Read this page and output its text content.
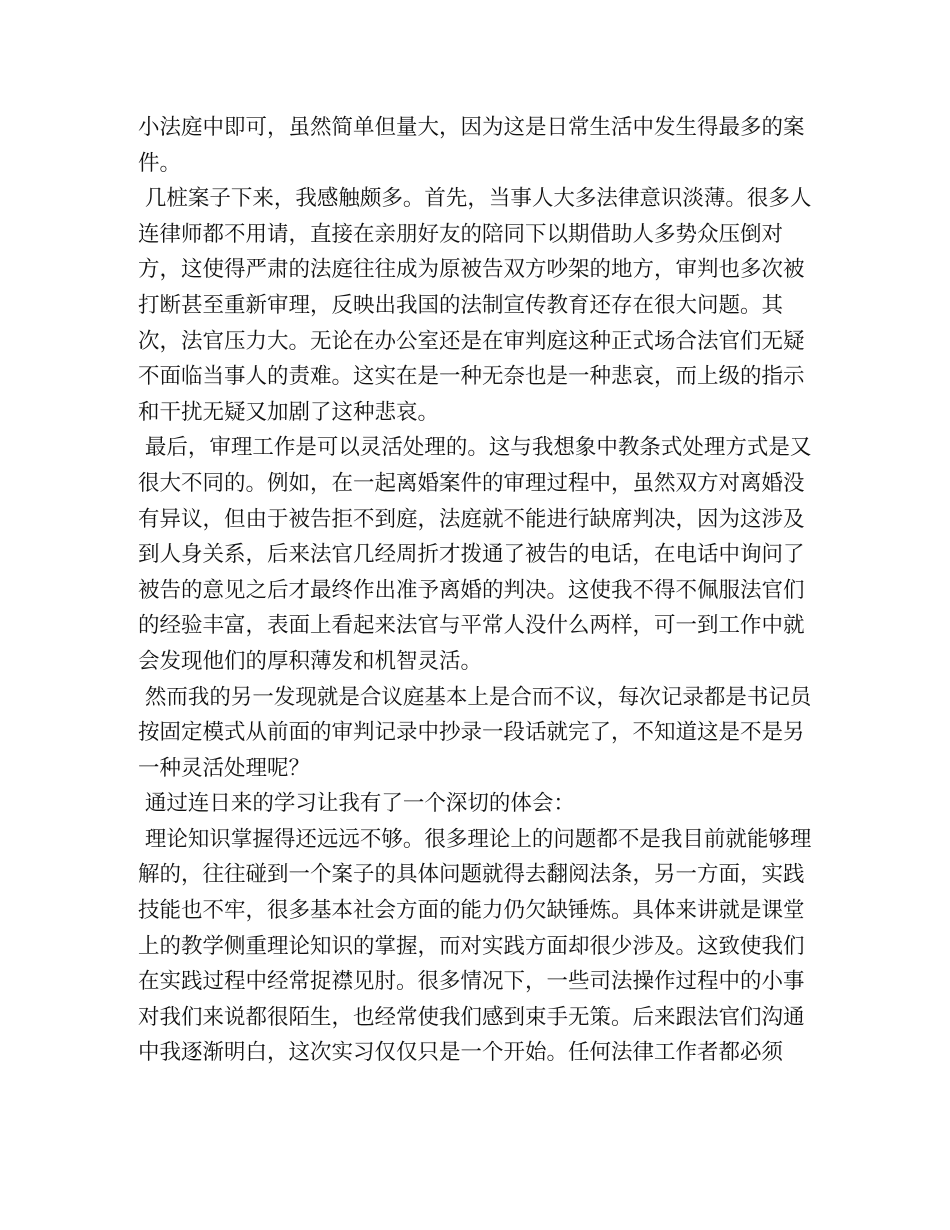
小法庭中即可，虽然简单但量大，因为这是日常生活中发生得最多的案件。

几桩案子下来，我感触颇多。首先，当事人大多法律意识淡薄。很多人连律师都不用请，直接在亲朋好友的陪同下以期借助人多势众压倒对方，这使得严肃的法庭往往成为原被告双方吵架的地方，审判也多次被打断甚至重新审理，反映出我国的法制宣传教育还存在很大问题。其次，法官压力大。无论在办公室还是在审判庭这种正式场合法官们无疑不面临当事人的责难。这实在是一种无奈也是一种悲哀，而上级的指示和干扰无疑又加剧了这种悲哀。

最后，审理工作是可以灵活处理的。这与我想象中教条式处理方式是又很大不同的。例如，在一起离婚案件的审理过程中，虽然双方对离婚没有异议，但由于被告拒不到庭，法庭就不能进行缺席判决，因为这涉及到人身关系，后来法官几经周折才拨通了被告的电话，在电话中询问了被告的意见之后才最终作出准予离婚的判决。这使我不得不佩服法官们的经验丰富，表面上看起来法官与平常人没什么两样，可一到工作中就会发现他们的厚积薄发和机智灵活。

然而我的另一发现就是合议庭基本上是合而不议，每次记录都是书记员按固定模式从前面的审判记录中抄录一段话就完了，不知道这是不是另一种灵活处理呢？

通过连日来的学习让我有了一个深切的体会：

理论知识掌握得还远远不够。很多理论上的问题都不是我目前就能够理解的，往往碰到一个案子的具体问题就得去翻阅法条，另一方面，实践技能也不牢，很多基本社会方面的能力仍欠缺锤炼。具体来讲就是课堂上的教学侧重理论知识的掌握，而对实践方面却很少涉及。这致使我们在实践过程中经常捉襟见肘。很多情况下，一些司法操作过程中的小事对我们来说都很陌生，也经常使我们感到束手无策。后来跟法官们沟通中我逐渐明白，这次实习仅仅只是一个开始。任何法律工作者都必须
